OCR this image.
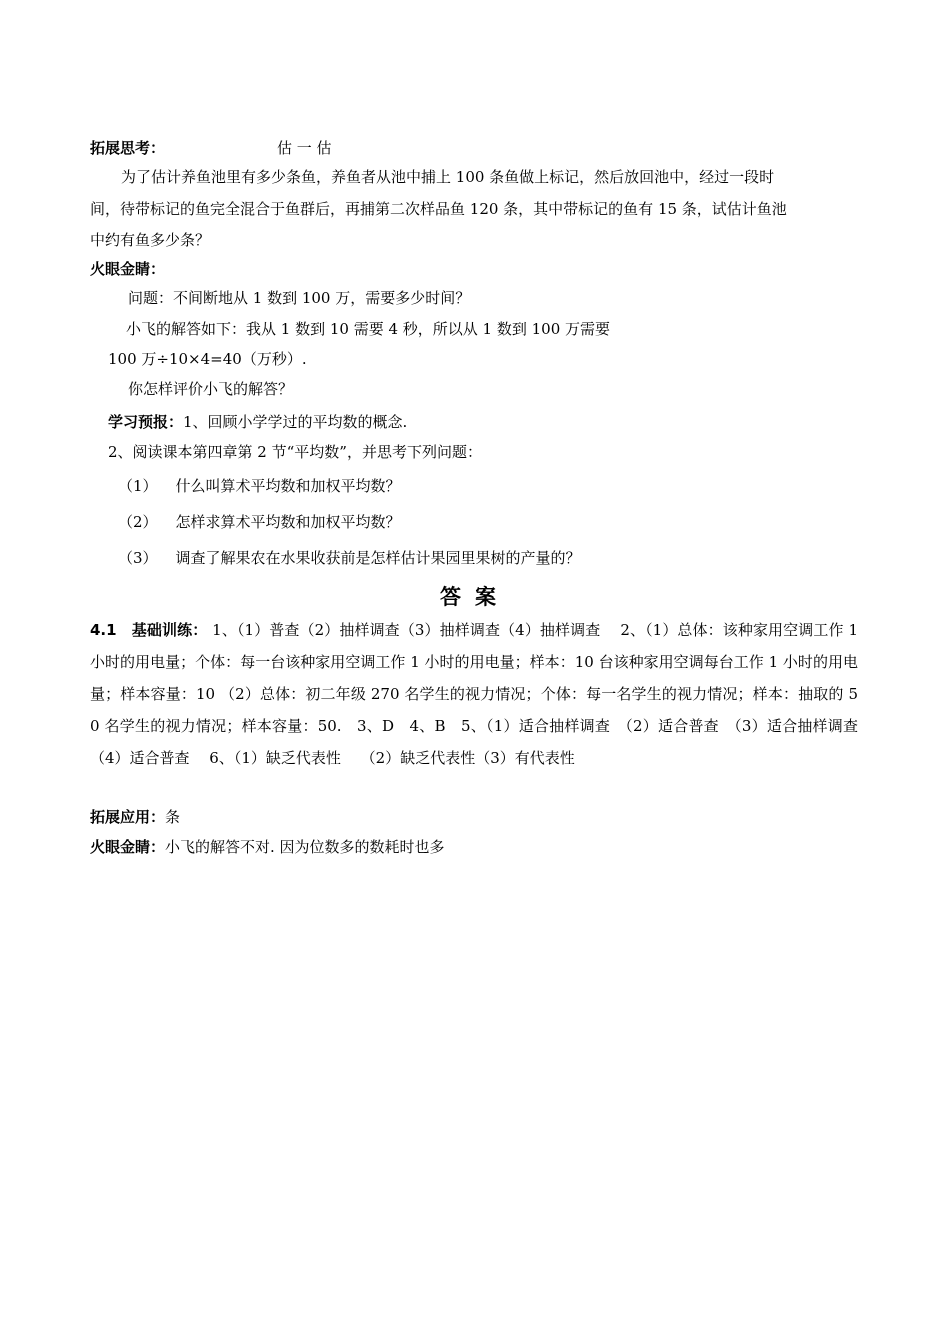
拓展思考：	估 一 估
为了估计养鱼池里有多少条鱼，养鱼者从池中捕上 100 条鱼做上标记，然后放回池中，经过一段时
间，待带标记的鱼完全混合于鱼群后，再捕第二次样品鱼 120 条，其中带标记的鱼有 15 条，试估计鱼池
中约有鱼多少条？
火眼金睛：
问题：不间断地从 1 数到 100 万，需要多少时间？
小飞的解答如下：我从 1 数到 10 需要 4 秒，所以从 1 数到 100 万需要
100 万÷10×4=40（万秒）.
你怎样评价小飞的解答？
学习预报：1、回顾小学学过的平均数的概念.
2、阅读课本第四章第 2 节“平均数”，并思考下列问题：
（1） 什么叫算术平均数和加权平均数？
（2） 怎样求算术平均数和加权平均数？
（3） 调查了解果农在水果收获前是怎样估计果园里果树的产量的？
答案
4.1　基础训练： 1、（1）普查（2）抽样调查（3）抽样调查（4）抽样调查　 2、（1）总体：该种家用空调工作 1 小时的用电量；个体：每一台该种家用空调工作 1 小时的用电量；样本：10 台该种家用空调每台工作 1 小时的用电量；样本容量：10 （2）总体：初二年级 270 名学生的视力情况；个体：每一名学生的视力情况；样本：抽取的 50 名学生的视力情况；样本容量：50.　3、D　4、B　5、（1）适合抽样调查　（2）适合普查　（3）适合抽样调查　（4）适合普查　 6、（1）缺乏代表性　 （2）缺乏代表性（3）有代表性
拓展应用：条
火眼金睛：小飞的解答不对. 因为位数多的数耗时也多
